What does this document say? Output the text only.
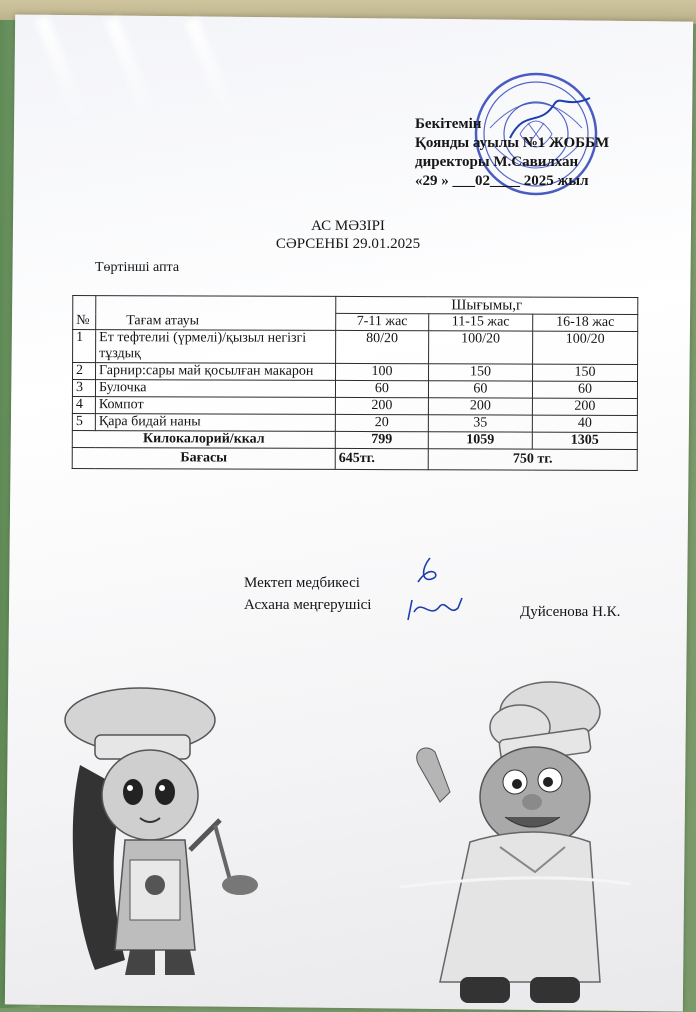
Бекітемін
Қоянды ауылы №1 ЖОББМ
директоры М.Савилхан
«29 » ___02____ 2025 жыл
АС МӘЗІРІ
СӘРСЕНБІ 29.01.2025
Төртінші апта
№	Тағам атауы	Шығымы,г		
		7-11 жас	11-15 жас	16-18 жас
1	Ет тефтелиі (үрмелі)/қызыл негізгі тұздық	80/20	100/20	100/20
2	Гарнир:сары май қосылған макарон	100	150	150
3	Булочка	60	60	60
4	Компот	200	200	200
5	Қара бидай наны	20	35	40
Килокалорий/ккал		799	1059	1305
Бағасы		645тг.	750 тг.	
Мектеп медбикесі
Асхана меңгерушісі	Дуйсенова Н.К.
